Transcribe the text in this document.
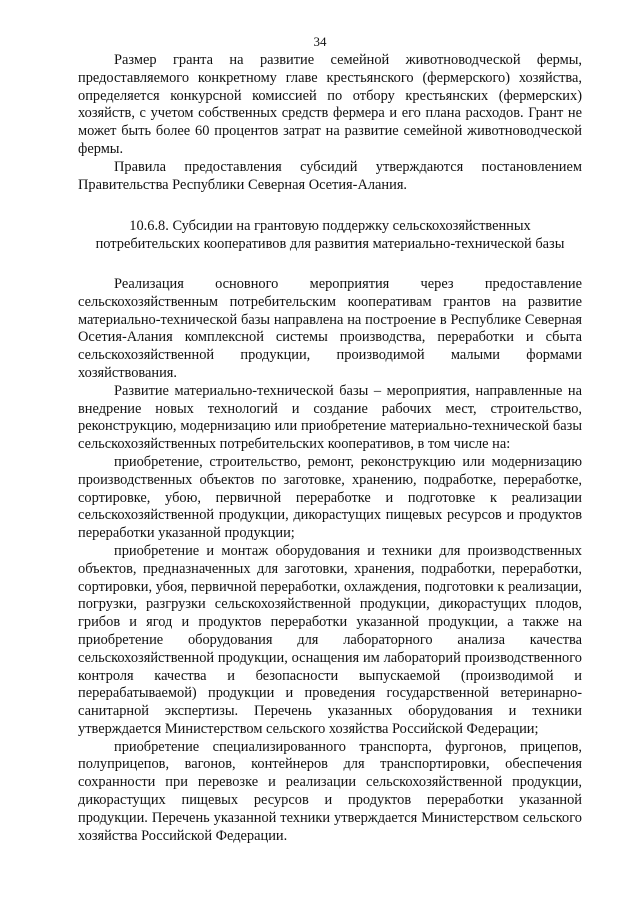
34

Размер гранта на развитие семейной животноводческой фермы, предоставляемого конкретному главе крестьянского (фермерского) хозяйства, определяется конкурсной комиссией по отбору крестьянских (фермерских) хозяйств, с учетом собственных средств фермера и его плана расходов. Грант не может быть более 60 процентов затрат на развитие семейной животноводческой фермы.

Правила предоставления субсидий утверждаются постановлением Правительства Республики Северная Осетия-Алания.

10.6.8. Субсидии на грантовую поддержку сельскохозяйственных
потребительских кооперативов для развития материально-технической базы

Реализация основного мероприятия через предоставление сельскохозяйственным потребительским кооперативам грантов на развитие материально-технической базы направлена на построение в Республике Северная Осетия-Алания комплексной системы производства, переработки и сбыта сельскохозяйственной продукции, производимой малыми формами хозяйствования.

Развитие материально-технической базы – мероприятия, направленные на внедрение новых технологий и создание рабочих мест, строительство, реконструкцию, модернизацию или приобретение материально-технической базы сельскохозяйственных потребительских кооперативов, в том числе на:

приобретение, строительство, ремонт, реконструкцию или модернизацию производственных объектов по заготовке, хранению, подработке, переработке, сортировке, убою, первичной переработке и подготовке к реализации сельскохозяйственной продукции, дикорастущих пищевых ресурсов и продуктов переработки указанной продукции;

приобретение и монтаж оборудования и техники для производственных объектов, предназначенных для заготовки, хранения, подработки, переработки, сортировки, убоя, первичной переработки, охлаждения, подготовки к реализации, погрузки, разгрузки сельскохозяйственной продукции, дикорастущих плодов, грибов и ягод и продуктов переработки указанной продукции, а также на приобретение оборудования для лабораторного анализа качества сельскохозяйственной продукции, оснащения им лабораторий производственного контроля качества и безопасности выпускаемой (производимой и перерабатываемой) продукции и проведения государственной ветеринарно-санитарной экспертизы. Перечень указанных оборудования и техники утверждается Министерством сельского хозяйства Российской Федерации;

приобретение специализированного транспорта, фургонов, прицепов, полуприцепов, вагонов, контейнеров для транспортировки, обеспечения сохранности при перевозке и реализации сельскохозяйственной продукции, дикорастущих пищевых ресурсов и продуктов переработки указанной продукции. Перечень указанной техники утверждается Министерством сельского хозяйства Российской Федерации.
